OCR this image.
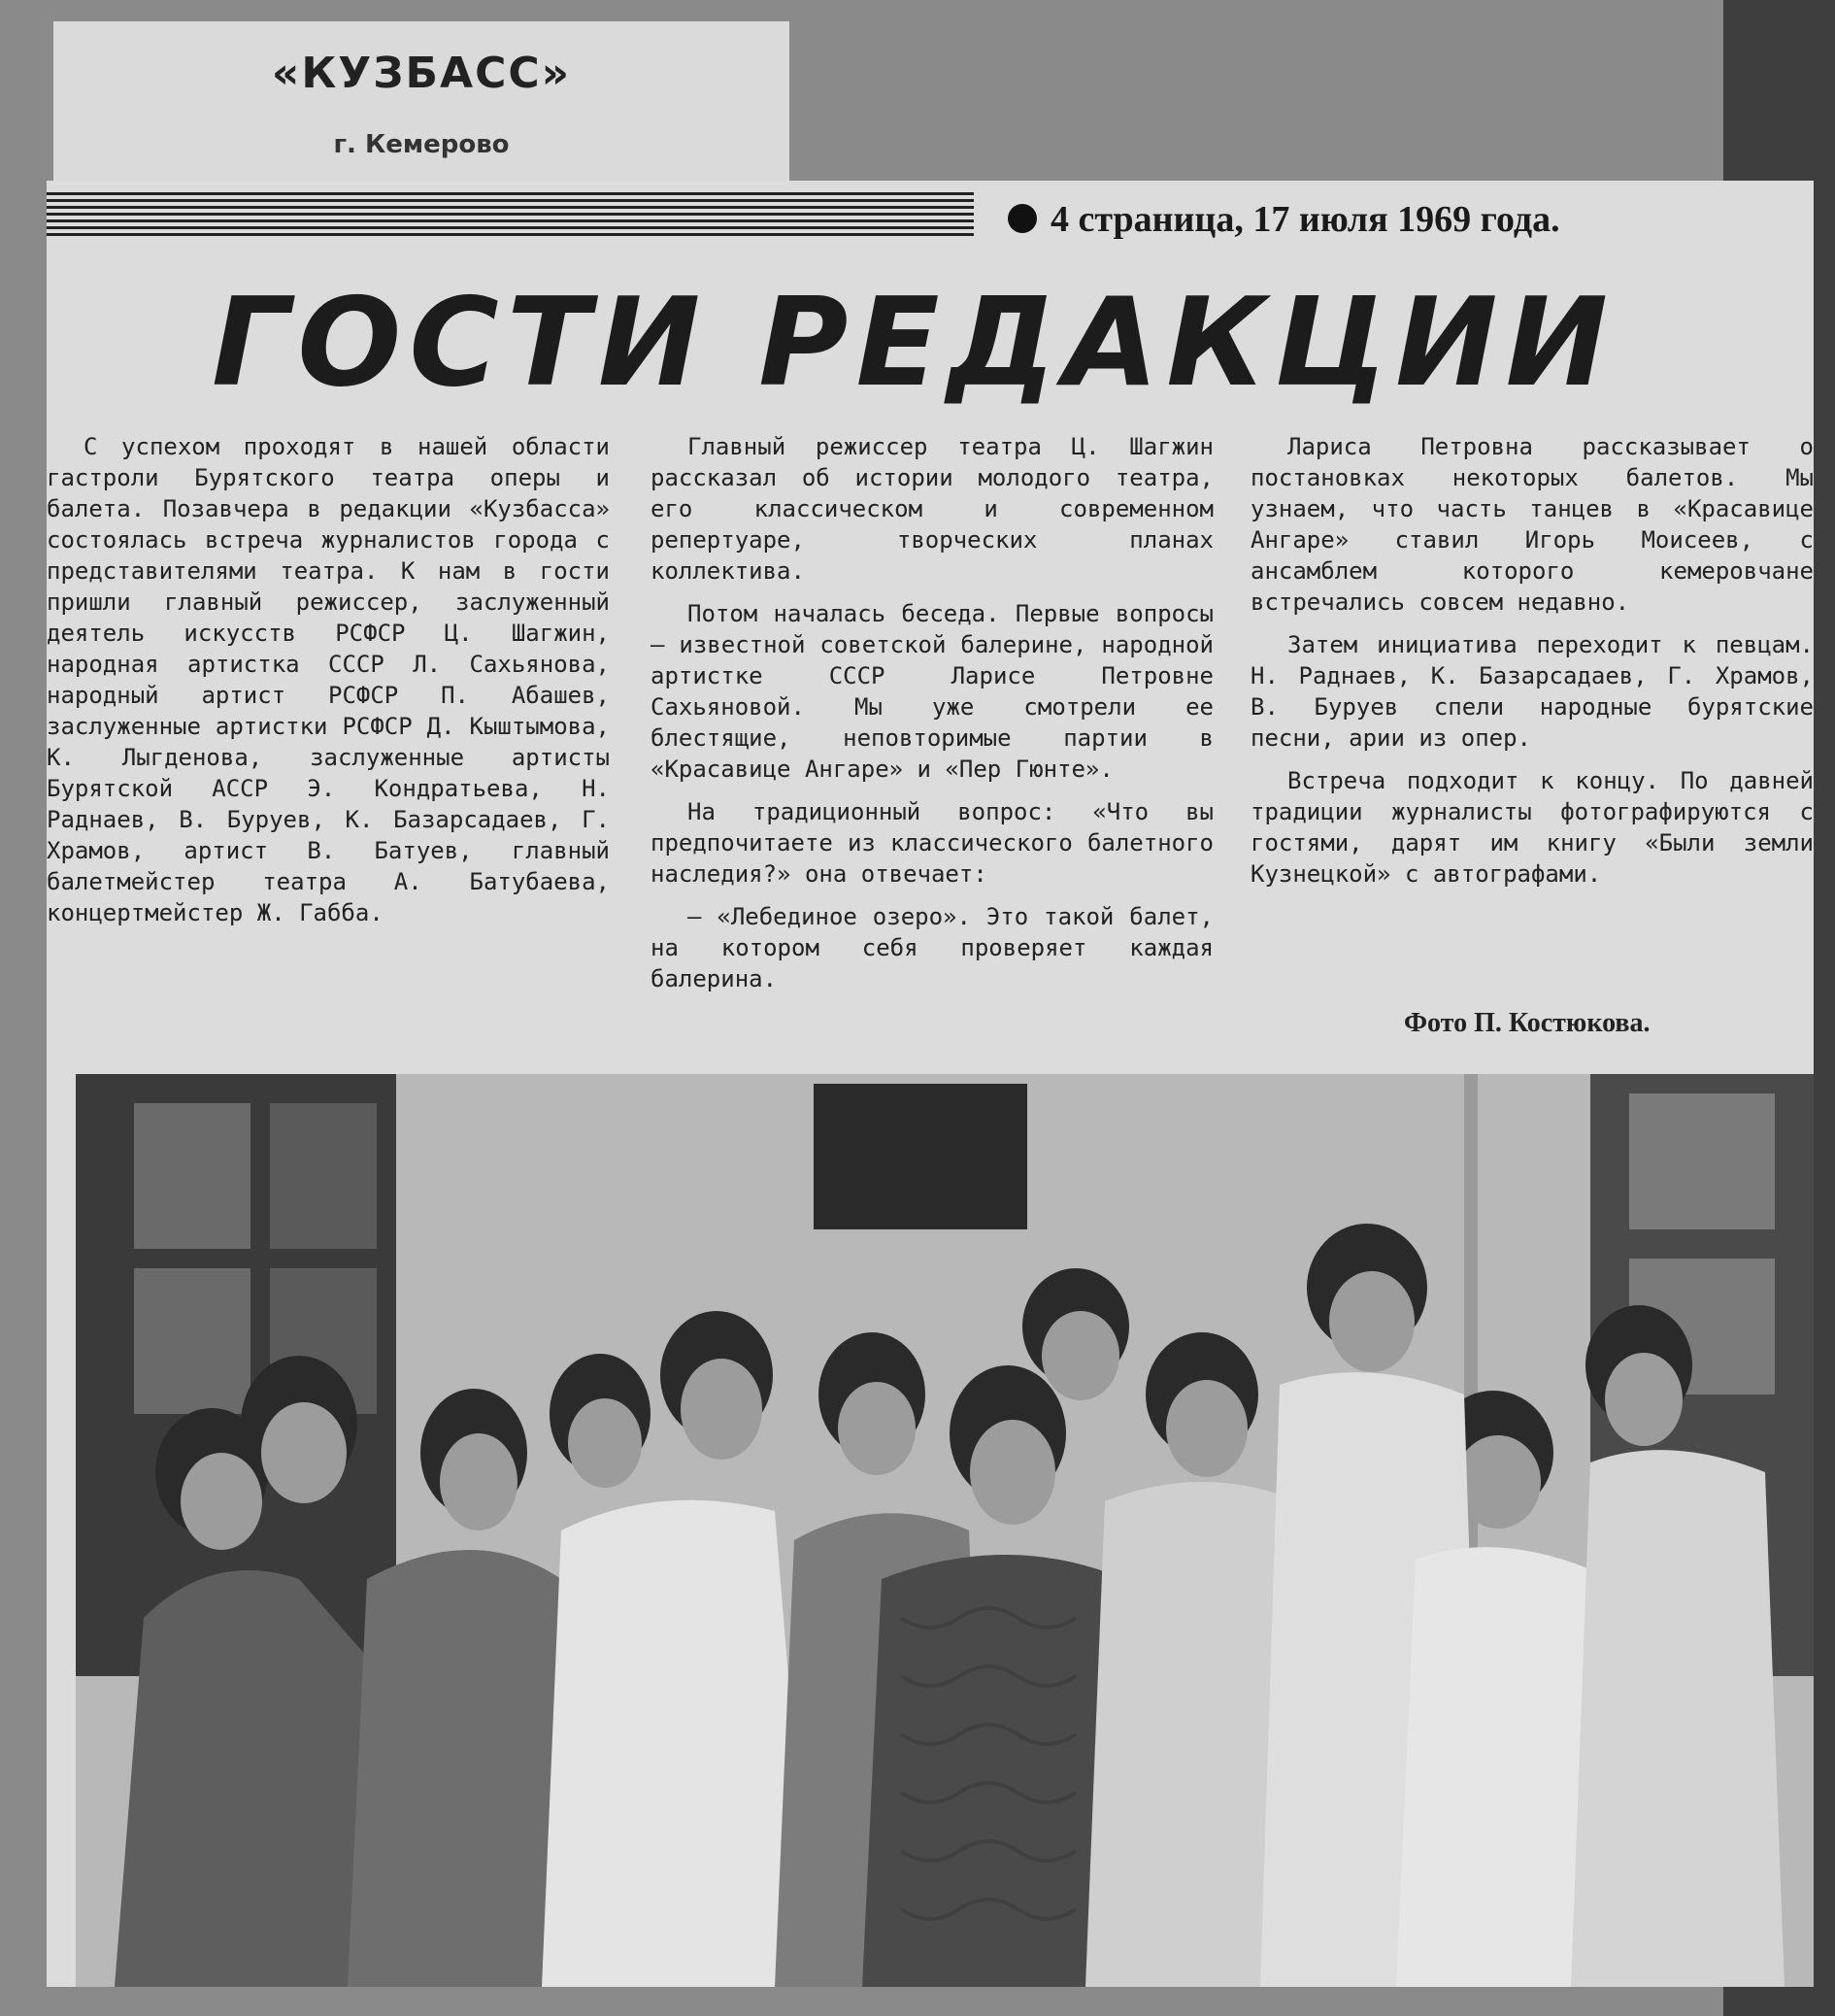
«КУЗБАСС»
г. Кемерово
4 страница, 17 июля 1969 года.
ГОСТИ РЕДАКЦИИ

С успехом проходят в нашей области гастроли Бурятского театра оперы и балета. Позавчера в редакции «Кузбасса» состоялась встреча журналистов города с представителями театра. К нам в гости пришли главный режиссер, заслуженный деятель искусств РСФСР Ц. Шагжин, народная артистка СССР Л. Сахьянова, народный артист РСФСР П. Абашев, заслуженные артистки РСФСР Д. Кыштымова, К. Лыгденова, заслуженные артисты Бурятской АССР Э. Кондратьева, Н. Раднаев, В. Буруев, К. Базарсадаев, Г. Храмов, артист В. Батуев, главный балетмейстер театра А. Батубаева, концертмейстер Ж. Габба.

Главный режиссер театра Ц. Шагжин рассказал об истории молодого театра, его классическом и современном репертуаре, творческих планах коллектива.

Потом началась беседа. Первые вопросы — известной советской балерине, народной артистке СССР Ларисе Петровне Сахьяновой. Мы уже смотрели ее блестящие, неповторимые партии в «Красавице Ангаре» и «Пер Гюнте».

На традиционный вопрос: «Что вы предпочитаете из классического балетного наследия?» она отвечает:

— «Лебединое озеро». Это такой балет, на котором себя проверяет каждая балерина.

Лариса Петровна рассказывает о постановках некоторых балетов. Мы узнаем, что часть танцев в «Красавице Ангаре» ставил Игорь Моисеев, с ансамблем которого кемеровчане встречались совсем недавно.

Затем инициатива переходит к певцам. Н. Раднаев, К. Базарсадаев, Г. Храмов, В. Буруев спели народные бурятские песни, арии из опер.

Встреча подходит к концу. По давней традиции журналисты фотографируются с гостями, дарят им книгу «Были земли Кузнецкой» с автографами.

Фото П. Костюкова.
